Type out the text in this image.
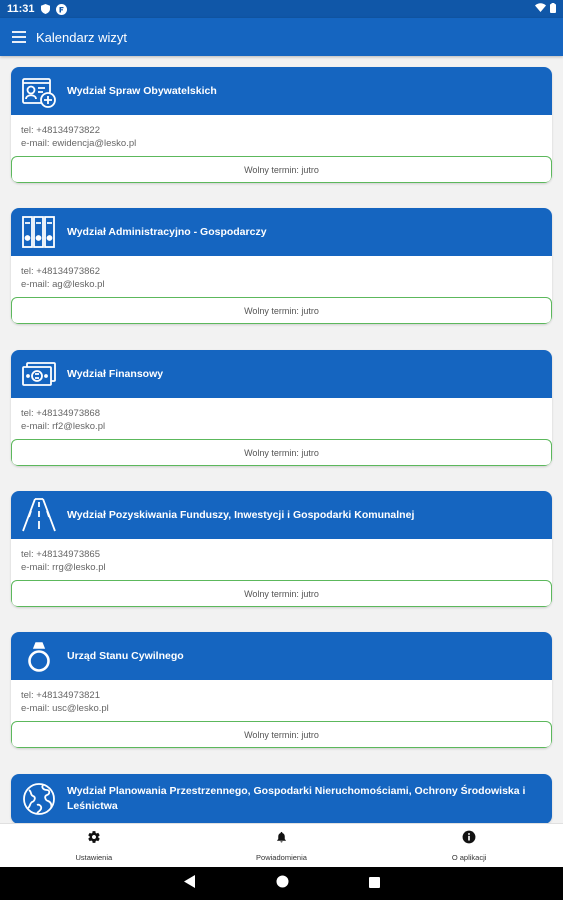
11:31
Kalendarz wizyt
Wydział Spraw Obywatelskich
tel: +48134973822
e-mail: ewidencja@lesko.pl
Wolny termin: jutro
Wydział Administracyjno - Gospodarczy
tel: +48134973862
e-mail: ag@lesko.pl
Wolny termin: jutro
Wydział Finansowy
tel: +48134973868
e-mail: rf2@lesko.pl
Wolny termin: jutro
Wydział Pozyskiwania Funduszy, Inwestycji i Gospodarki Komunalnej
tel: +48134973865
e-mail: rrg@lesko.pl
Wolny termin: jutro
Urząd Stanu Cywilnego
tel: +48134973821
e-mail: usc@lesko.pl
Wolny termin: jutro
Wydział Planowania Przestrzennego, Gospodarki Nieruchomościami, Ochrony Środowiska i Leśnictwa
Ustawienia	Powiadomienia	O aplikacji
